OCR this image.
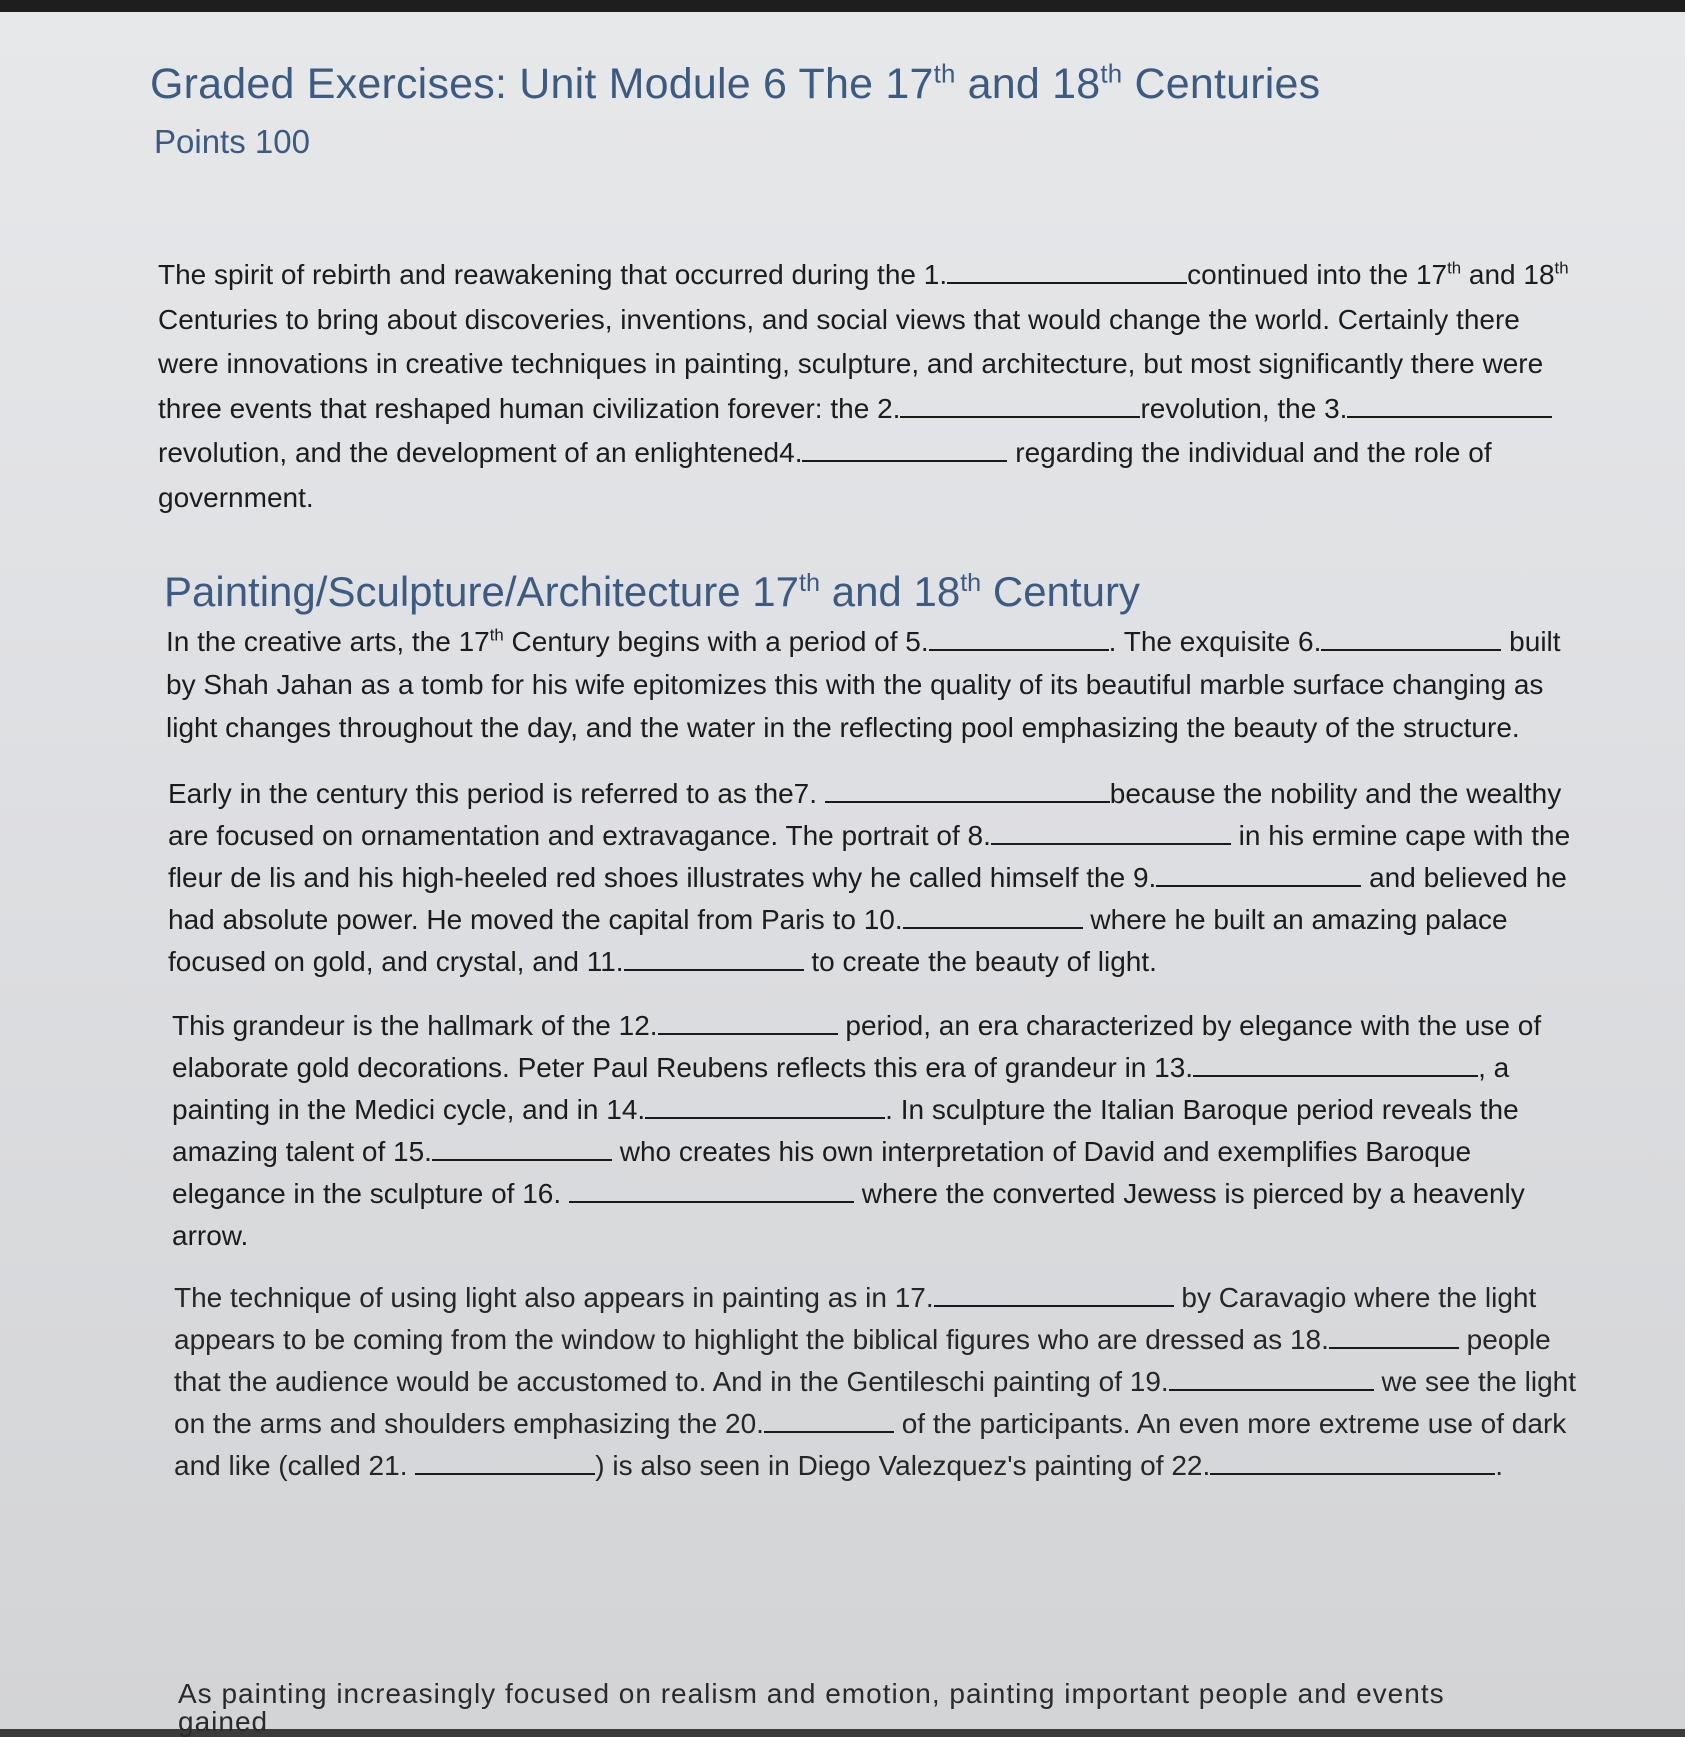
Graded Exercises: Unit Module 6 The 17th and 18th Centuries
Points 100

The spirit of rebirth and reawakening that occurred during the 1.	continued into the 17th and 18th Centuries to bring about discoveries, inventions, and social views that would change the world. Certainly there were innovations in creative techniques in painting, sculpture, and architecture, but most significantly there were three events that reshaped human civilization forever: the 2.	revolution, the 3.revolution, and the development of an enlightened4.	regarding the individual and the role of government.

Painting/Sculpture/Architecture 17th and 18th Century

In the creative arts, the 17th Century begins with a period of 5.	. The exquisite 6.	built by Shah Jahan as a tomb for his wife epitomizes this with the quality of its beautiful marble surface changing as light changes throughout the day, and the water in the reflecting pool emphasizing the beauty of the structure.

Early in the century this period is referred to as the7.	because the nobility and the wealthy are focused on ornamentation and extravagance. The portrait of 8.	in his ermine cape with the fleur de lis and his high-heeled red shoes illustrates why he called himself the 9.	and believed he had absolute power. He moved the capital from Paris to 10.	where he built an amazing palace focused on gold, and crystal, and 11.	to create the beauty of light.

This grandeur is the hallmark of the 12.	period, an era characterized by elegance with the use of elaborate gold decorations. Peter Paul Reubens reflects this era of grandeur in 13.	, a painting in the Medici cycle, and in 14.	. In sculpture the Italian Baroque period reveals the amazing talent of 15.	who creates his own interpretation of David and exemplifies Baroque elegance in the sculpture of 16.	where the converted Jewess is pierced by a heavenly arrow.

The technique of using light also appears in painting as in 17.	by Caravagio where the light appears to be coming from the window to highlight the biblical figures who are dressed as 18.	people that the audience would be accustomed to. And in the Gentileschi painting of 19.	we see the light on the arms and shoulders emphasizing the 20.	of the participants. An even more extreme use of dark and like (called 21.	) is also seen in Diego Valezquez's painting of 22.	.

As painting increasingly focused on realism and emotion, painting important people and events gained
